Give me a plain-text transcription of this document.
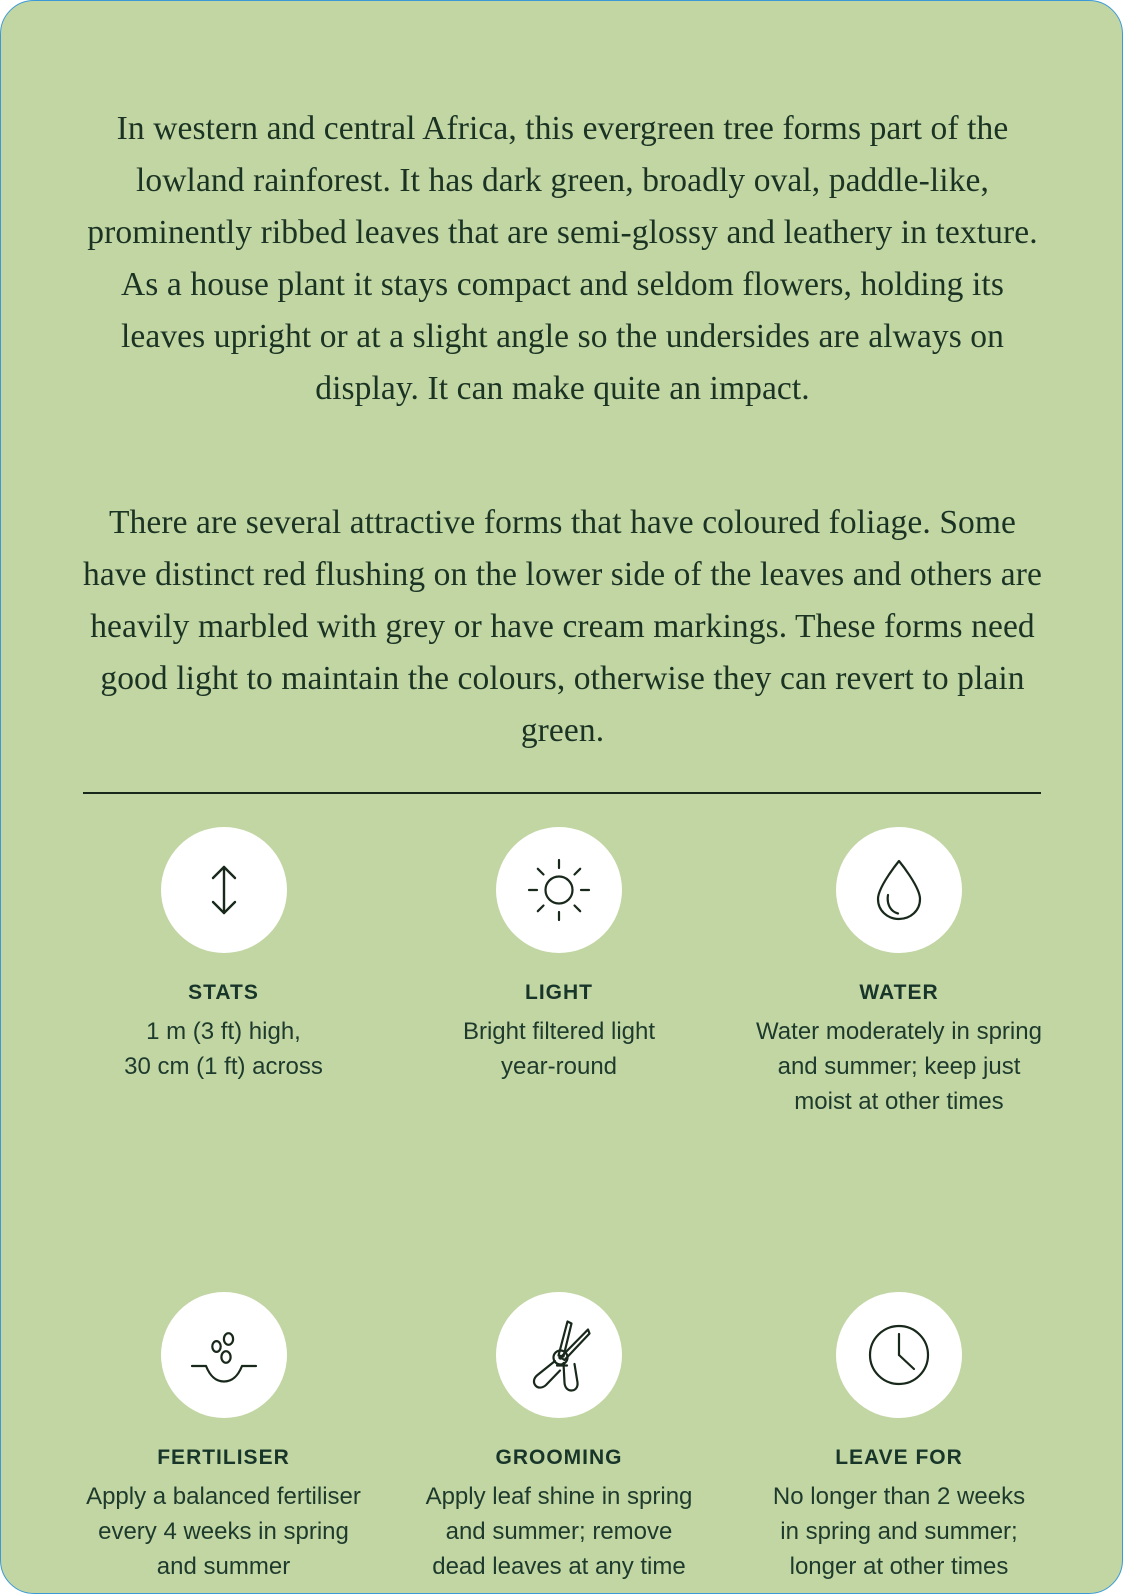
In western and central Africa, this evergreen tree forms part of the lowland rainforest. It has dark green, broadly oval, paddle-like, prominently ribbed leaves that are semi-glossy and leathery in texture. As a house plant it stays compact and seldom flowers, holding its leaves upright or at a slight angle so the undersides are always on display. It can make quite an impact.

There are several attractive forms that have coloured foliage. Some have distinct red flushing on the lower side of the leaves and others are heavily marbled with grey or have cream markings. These forms need good light to maintain the colours, otherwise they can revert to plain green.

STATS
1 m (3 ft) high,
30 cm (1 ft) across
LIGHT
Bright filtered light
year-round
WATER
Water moderately in spring
and summer; keep just
moist at other times
FERTILISER
Apply a balanced fertiliser
every 4 weeks in spring
and summer
GROOMING
Apply leaf shine in spring
and summer; remove
dead leaves at any time
LEAVE FOR
No longer than 2 weeks
in spring and summer;
longer at other times
